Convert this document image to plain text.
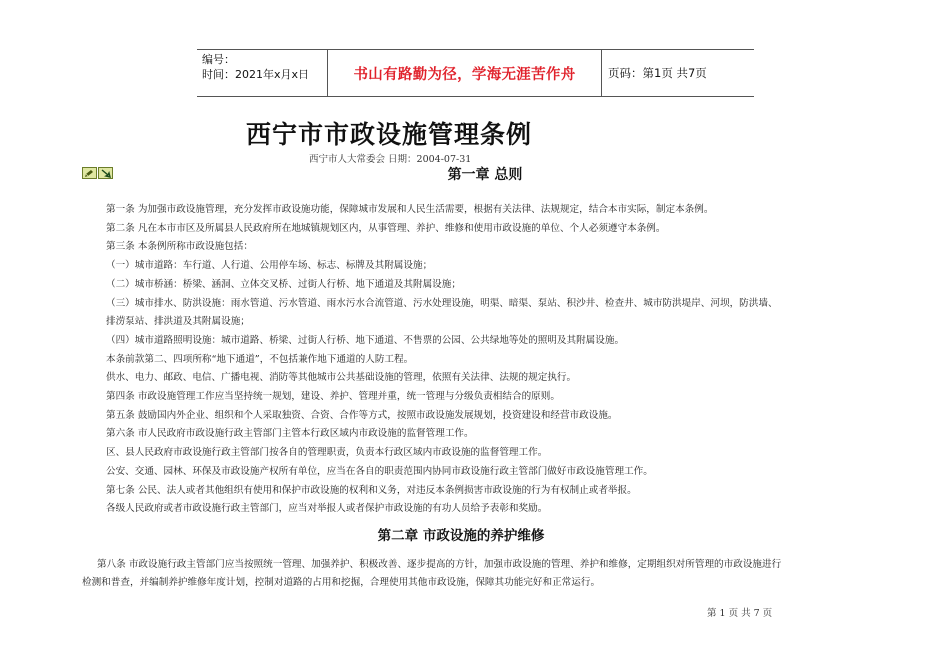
编号：
时间：2021年x月x日	书山有路勤为径，学海无涯苦作舟	页码：第1页 共7页
西宁市市政设施管理条例
西宁市人大常委会 日期：2004-07-31
第一章 总则

第一条 为加强市政设施管理，充分发挥市政设施功能，保障城市发展和人民生活需要，根据有关法律、法规规定，结合本市实际，制定本条例。

第二条 凡在本市市区及所属县人民政府所在地城镇规划区内，从事管理、养护、维修和使用市政设施的单位、个人必须遵守本条例。

第三条 本条例所称市政设施包括：

（一）城市道路：车行道、人行道、公用停车场、标志、标牌及其附属设施；

（二）城市桥涵：桥梁、涵洞、立体交叉桥、过街人行桥、地下通道及其附属设施；

（三）城市排水、防洪设施：雨水管道、污水管道、雨水污水合流管道、污水处理设施，明渠、暗渠、泵站、积沙井、检查井、城市防洪堤岸、河坝，防洪墙、排涝泵站、排洪道及其附属设施；

（四）城市道路照明设施：城市道路、桥梁、过街人行桥、地下通道、不售票的公园、公共绿地等处的照明及其附属设施。

本条前款第二、四项所称“地下通道”，不包括兼作地下通道的人防工程。

供水、电力、邮政、电信、广播电视、消防等其他城市公共基础设施的管理，依照有关法律、法规的规定执行。

第四条 市政设施管理工作应当坚持统一规划，建设、养护、管理并重，统一管理与分级负责相结合的原则。

第五条 鼓励国内外企业、组织和个人采取独资、合资、合作等方式，按照市政设施发展规划，投资建设和经营市政设施。

第六条 市人民政府市政设施行政主管部门主管本行政区域内市政设施的监督管理工作。

区、县人民政府市政设施行政主管部门按各自的管理职责，负责本行政区域内市政设施的监督管理工作。

公安、交通、园林、环保及市政设施产权所有单位，应当在各自的职责范围内协同市政设施行政主管部门做好市政设施管理工作。

第七条 公民、法人或者其他组织有使用和保护市政设施的权利和义务，对违反本条例损害市政设施的行为有权制止或者举报。

各级人民政府或者市政设施行政主管部门，应当对举报人或者保护市政设施的有功人员给予表彰和奖励。

第二章 市政设施的养护维修

第八条 市政设施行政主管部门应当按照统一管理、加强养护、积极改善、逐步提高的方针，加强市政设施的管理、养护和维修，定期组织对所管理的市政设施进行检测和普查，并编制养护维修年度计划，控制对道路的占用和挖掘，合理使用其他市政设施，保障其功能完好和正常运行。

第 1 页 共 7 页
